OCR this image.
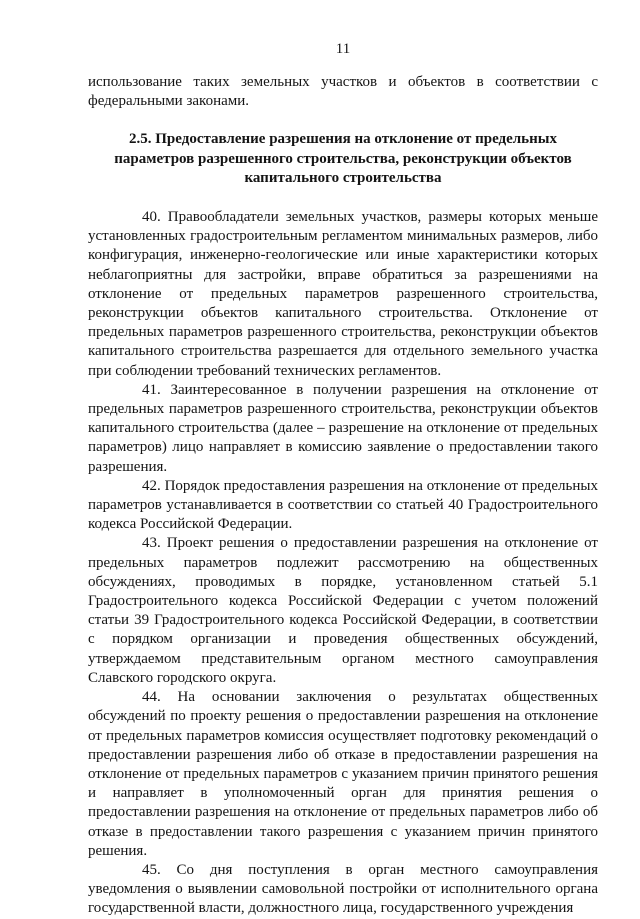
11

использование таких земельных участков и объектов в соответствии с федеральными законами.

2.5. Предоставление разрешения на отклонение от предельных
параметров разрешенного строительства, реконструкции объектов
капитального строительства

40. Правообладатели земельных участков, размеры которых меньше установленных градостроительным регламентом минимальных размеров, либо конфигурация, инженерно-геологические или иные характеристики которых неблагоприятны для застройки, вправе обратиться за разрешениями на отклонение от предельных параметров разрешенного строительства, реконструкции объектов капитального строительства. Отклонение от предельных параметров разрешенного строительства, реконструкции объектов капитального строительства разрешается для отдельного земельного участка при соблюдении требований технических регламентов.

41. Заинтересованное в получении разрешения на отклонение от предельных параметров разрешенного строительства, реконструкции объектов капитального строительства (далее – разрешение на отклонение от предельных параметров) лицо направляет в комиссию заявление о предоставлении такого разрешения.

42. Порядок предоставления разрешения на отклонение от предельных параметров устанавливается в соответствии со статьей 40 Градостроительного кодекса Российской Федерации.

43. Проект решения о предоставлении разрешения на отклонение от предельных параметров подлежит рассмотрению на общественных обсуждениях, проводимых в порядке, установленном статьей 5.1 Градостроительного кодекса Российской Федерации с учетом положений статьи 39 Градостроительного кодекса Российской Федерации, в соответствии с порядком организации и проведения общественных обсуждений, утверждаемом представительным органом местного самоуправления Славского городского округа.

44. На основании заключения о результатах общественных обсуждений по проекту решения о предоставлении разрешения на отклонение от предельных параметров комиссия осуществляет подготовку рекомендаций о предоставлении разрешения либо об отказе в предоставлении разрешения на отклонение от предельных параметров с указанием причин принятого решения и направляет в уполномоченный орган для принятия решения о предоставлении разрешения на отклонение от предельных параметров либо об отказе в предоставлении такого разрешения с указанием причин принятого решения.

45. Со дня поступления в орган местного самоуправления уведомления о выявлении самовольной постройки от исполнительного органа государственной власти, должностного лица, государственного учреждения
